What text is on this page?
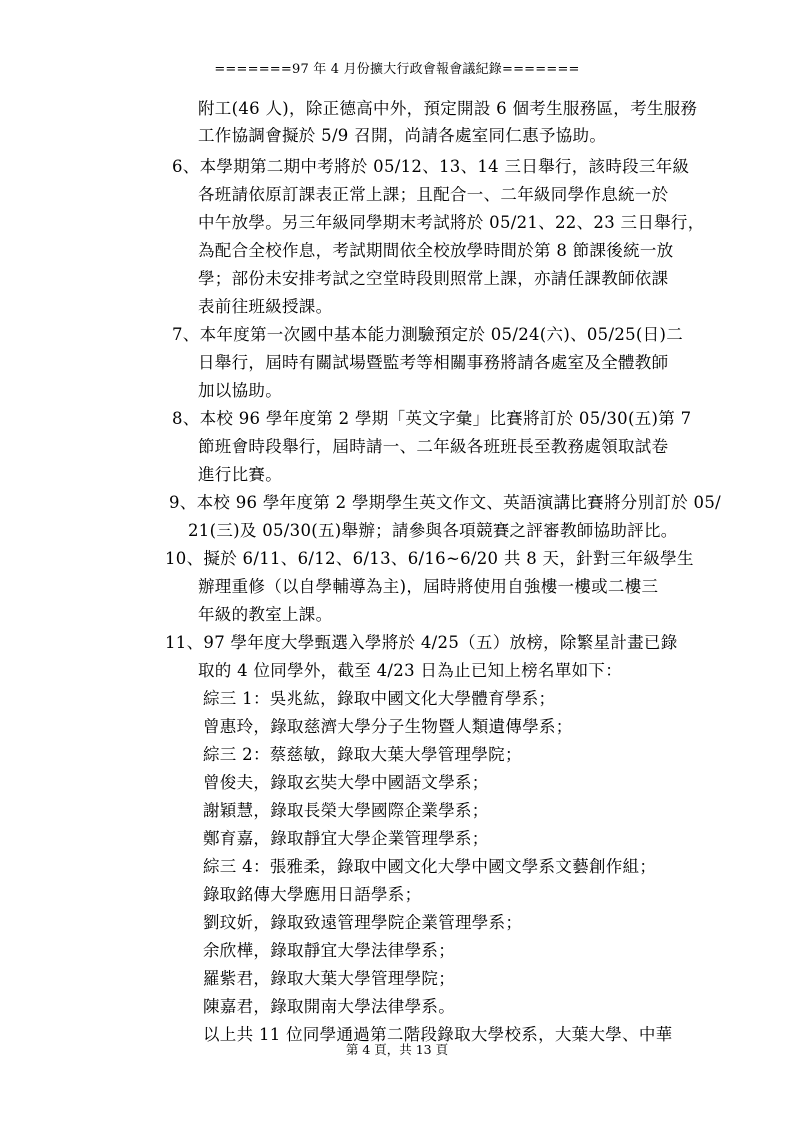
=======97 年 4 月份擴大行政會報會議紀錄=======
附工(46 人)，除正德高中外，預定開設 6 個考生服務區，考生服務
工作協調會擬於 5/9 召開，尚請各處室同仁惠予協助。
6、本學期第二期中考將於 05/12、13、14 三日舉行，該時段三年級
各班請依原訂課表正常上課；且配合一、二年級同學作息統一於
中午放學。另三年級同學期末考試將於 05/21、22、23 三日舉行，
為配合全校作息，考試期間依全校放學時間於第 8 節課後統一放
學；部份未安排考試之空堂時段則照常上課，亦請任課教師依課
表前往班級授課。
7、本年度第一次國中基本能力測驗預定於 05/24(六)、05/25(日)二
日舉行，屆時有關試場暨監考等相關事務將請各處室及全體教師
加以協助。
8、本校 96 學年度第 2 學期「英文字彙」比賽將訂於 05/30(五)第 7
節班會時段舉行，屆時請一、二年級各班班長至教務處領取試卷
進行比賽。
9、本校 96 學年度第 2 學期學生英文作文、英語演講比賽將分別訂於 05/
21(三)及 05/30(五)舉辦；請參與各項競賽之評審教師協助評比。
10、擬於 6/11、6/12、6/13、6/16~6/20 共 8 天，針對三年級學生
辦理重修（以自學輔導為主)，屆時將使用自強樓一樓或二樓三
年級的教室上課。
11、97 學年度大學甄選入學將於 4/25（五）放榜，除繁星計畫已錄
取的 4 位同學外，截至 4/23 日為止已知上榜名單如下：
綜三 1：吳兆紘，錄取中國文化大學體育學系；
曾惠玲，錄取慈濟大學分子生物暨人類遺傳學系；
綜三 2：蔡慈敏，錄取大葉大學管理學院；
曾俊夫，錄取玄奘大學中國語文學系；
謝穎慧，錄取長榮大學國際企業學系；
鄭育嘉，錄取靜宜大學企業管理學系；
綜三 4：張雅柔，錄取中國文化大學中國文學系文藝創作組；
錄取銘傳大學應用日語學系；
劉玟妡，錄取致遠管理學院企業管理學系；
余欣樺，錄取靜宜大學法律學系；
羅紫君，錄取大葉大學管理學院；
陳嘉君，錄取開南大學法律學系。
以上共 11 位同學通過第二階段錄取大學校系，大葉大學、中華
第 4 頁，共 13 頁
